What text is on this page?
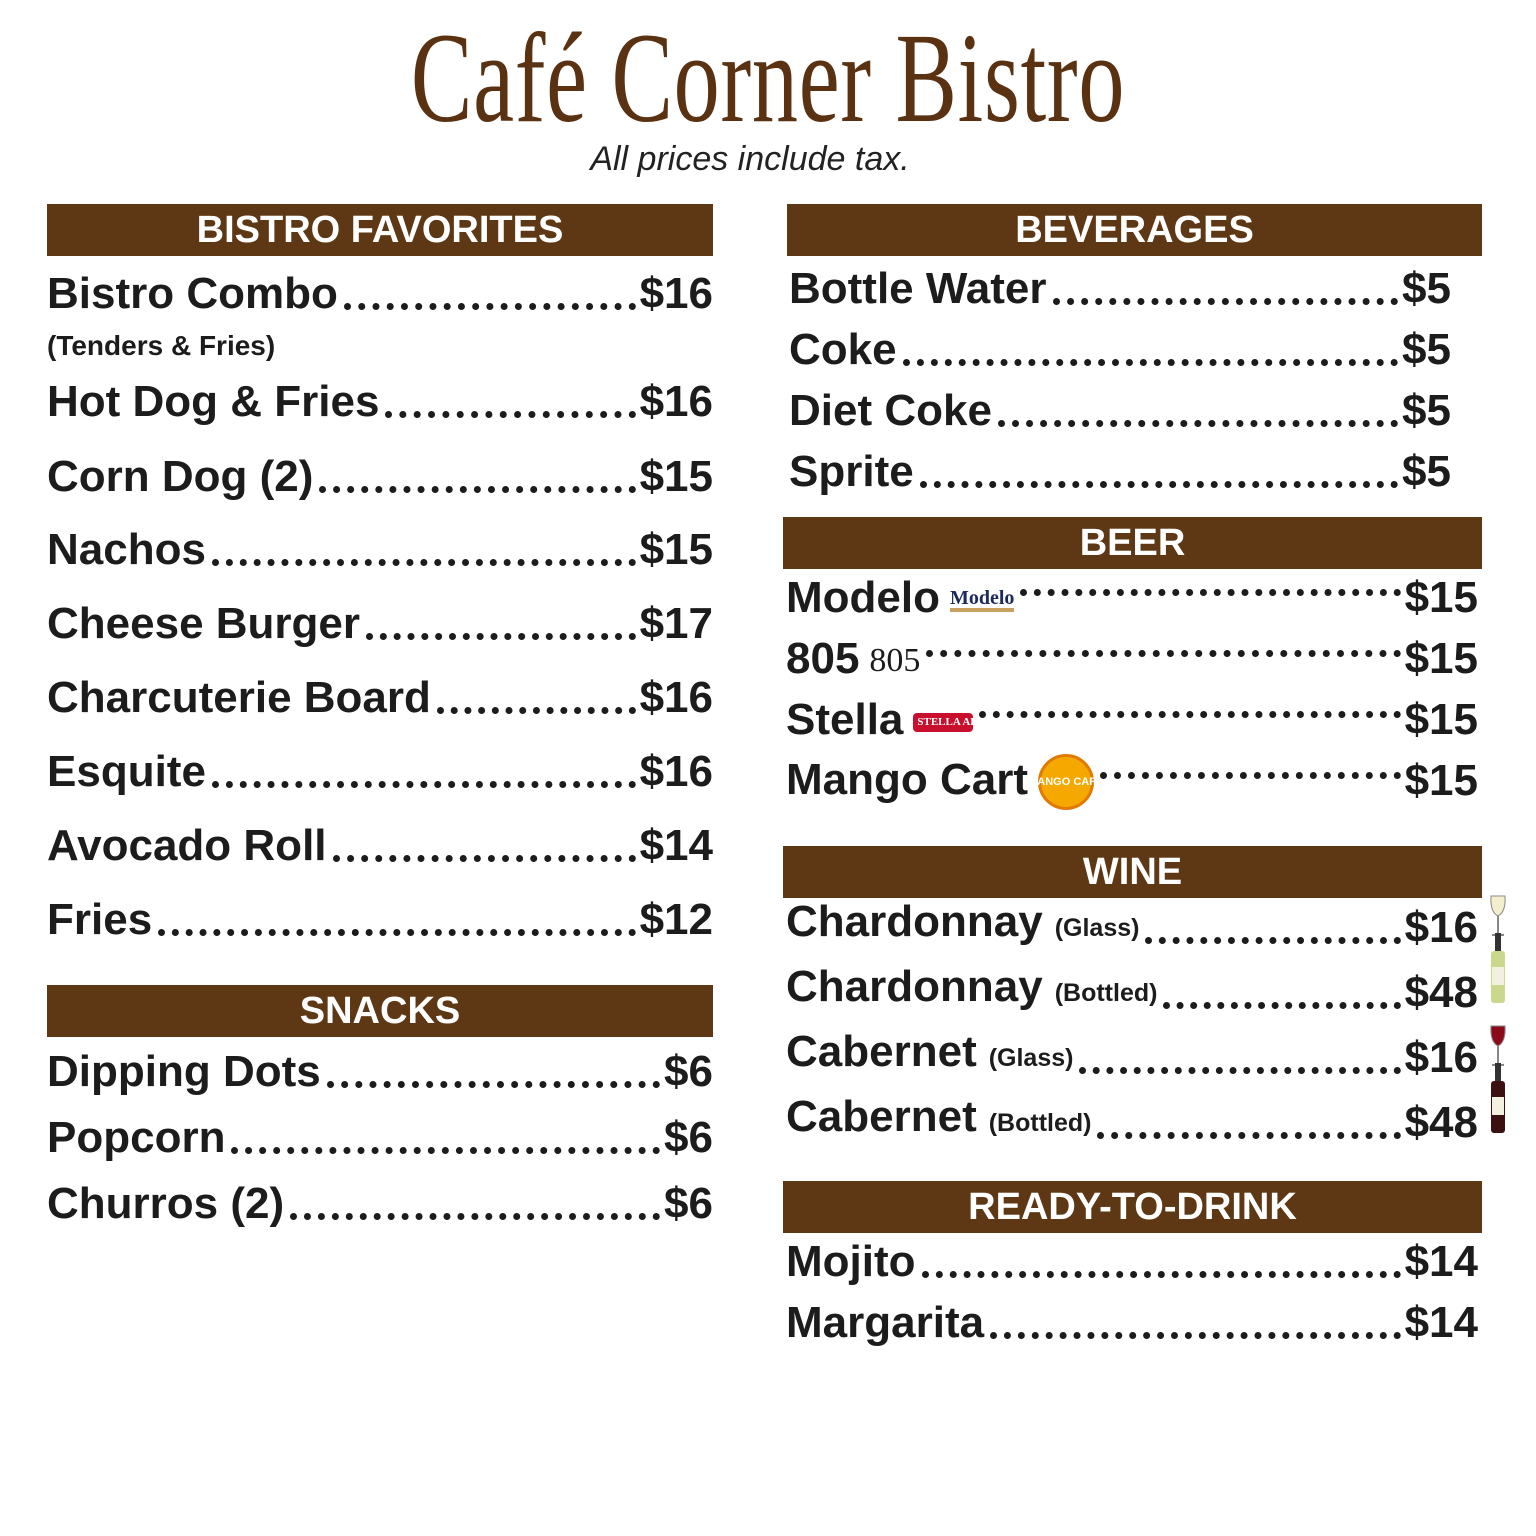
Café Corner Bistro
All prices include tax.
BISTRO FAVORITES
Bistro Combo	$16
(Tenders & Fries)
Hot Dog & Fries	$16
Corn Dog (2)	$15
Nachos	$15
Cheese Burger	$17
Charcuterie Board	$16
Esquite	$16
Avocado Roll	$14
Fries	$12
SNACKS
Dipping Dots	$6
Popcorn	$6
Churros (2)	$6
BEVERAGES
Bottle Water	$5
Coke	$5
Diet Coke	$5
Sprite	$5
BEER
Modelo Modelo	$15
805 805	$15
Stella STELLA ARTOIS	$15
Mango CartMANGO CART	$15
WINE
Chardonnay (Glass)	$16
Chardonnay (Bottled)	$48
Cabernet (Glass)	$16
Cabernet (Bottled)	$48
READY-TO-DRINK
Mojito	$14
Margarita	$14
